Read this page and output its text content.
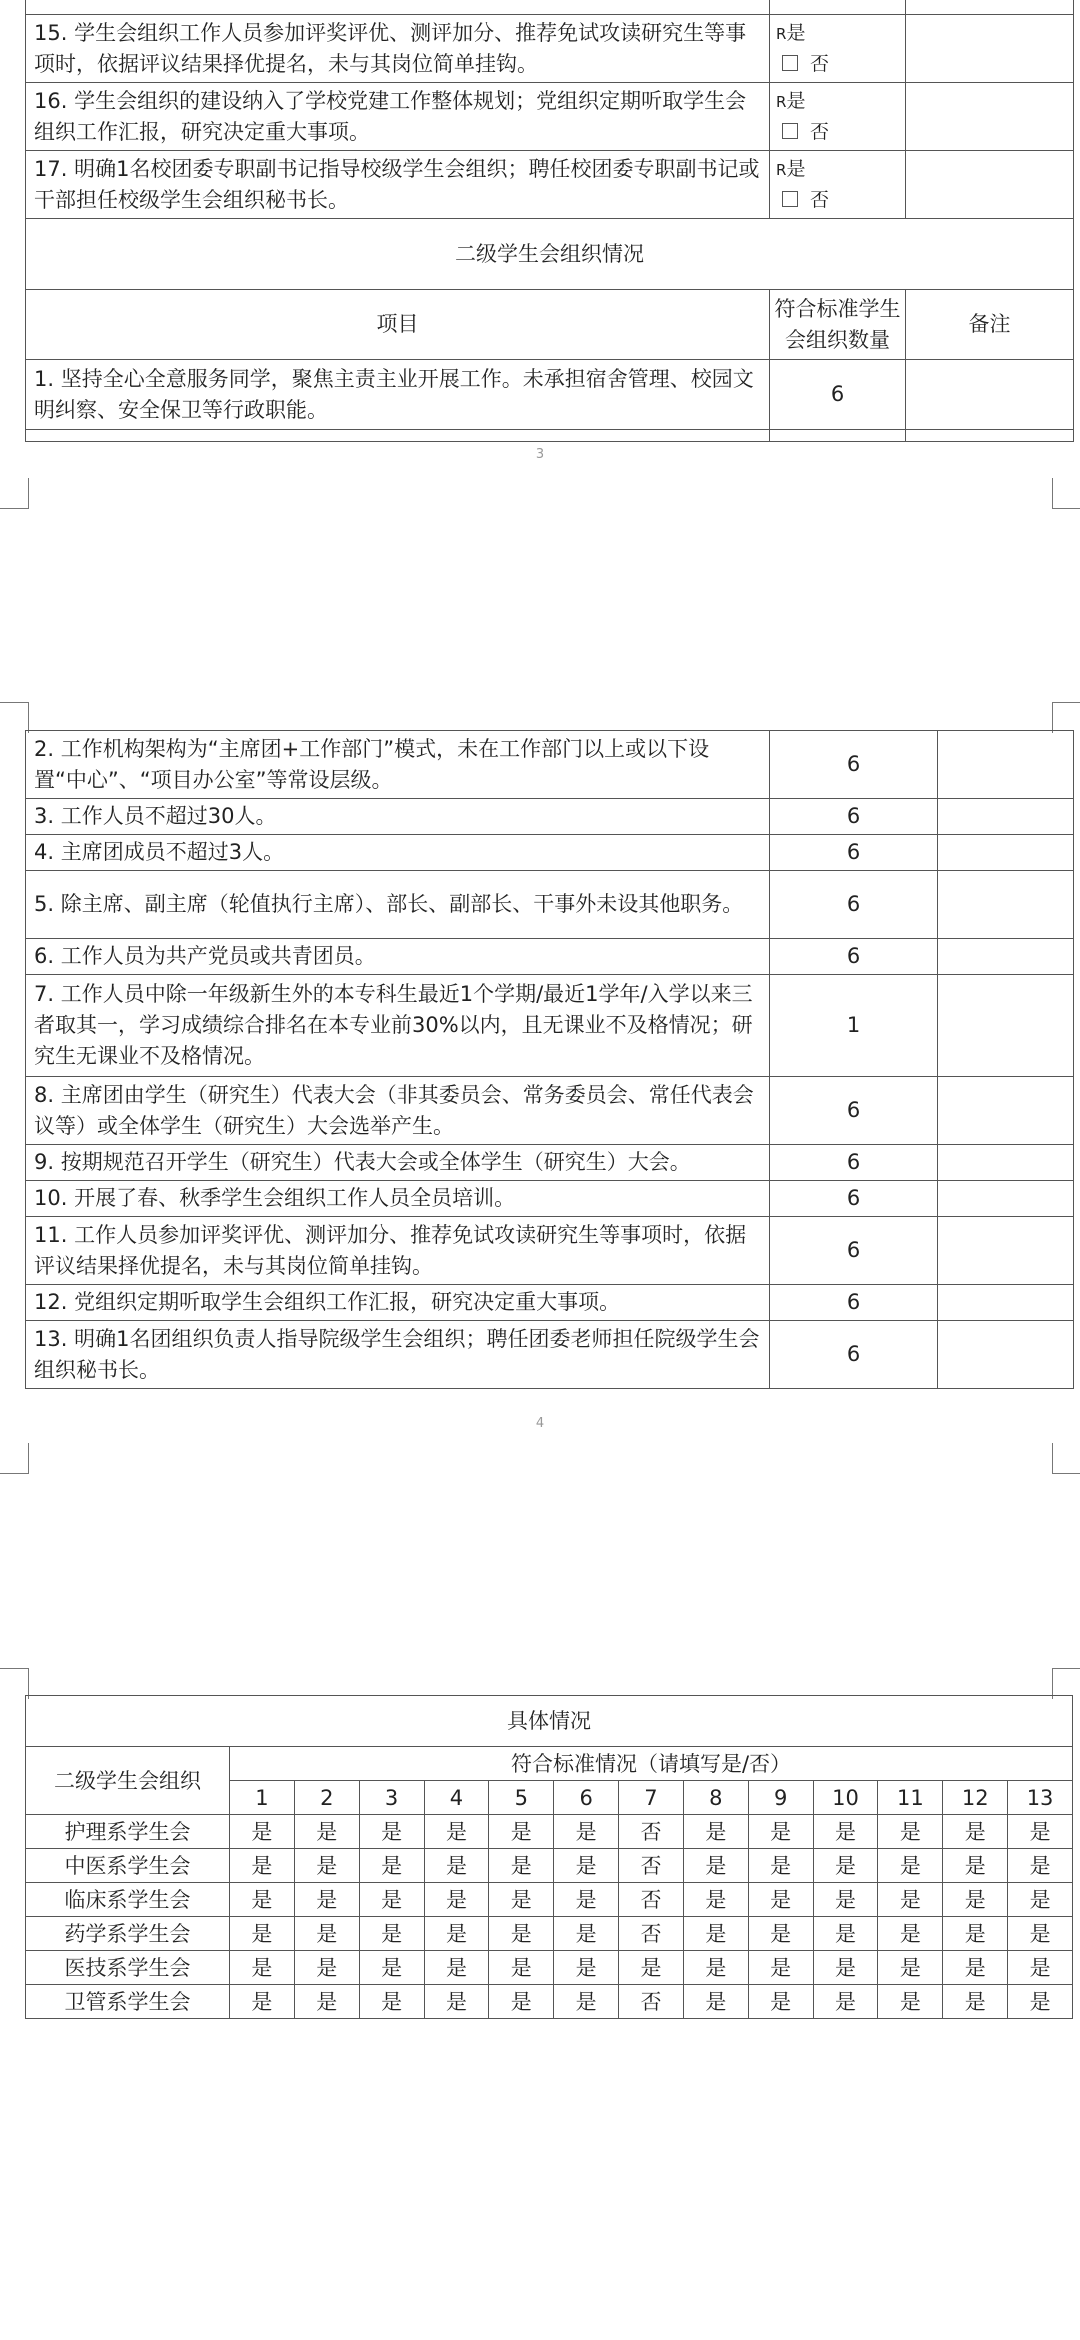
15. 学生会组织工作人员参加评奖评优、测评加分、推荐免试攻读研究生等事项时，依据评议结果择优提名，未与其岗位简单挂钩。	R是
否	

16. 学生会组织的建设纳入了学校党建工作整体规划；党组织定期听取学生会组织工作汇报，研究决定重大事项。	R是
否	

17. 明确1名校团委专职副书记指导校级学生会组织；聘任校团委专职副书记或干部担任校级学生会组织秘书长。	R是
否	

二级学生会组织情况		
项目	符合标准学生会组织数量	备注
1. 坚持全心全意服务同学，聚焦主责主业开展工作。未承担宿舍管理、校园文明纠察、安全保卫等行政职能。	6	

3
2. 工作机构架构为“主席团+工作部门”模式，未在工作部门以上或以下设置“中心”、“项目办公室”等常设层级。	6	
3. 工作人员不超过30人。	6	
4. 主席团成员不超过3人。	6	
5. 除主席、副主席（轮值执行主席）、部长、副部长、干事外未设其他职务。	6	
6. 工作人员为共产党员或共青团员。	6	
7. 工作人员中除一年级新生外的本专科生最近1个学期/最近1学年/入学以来三者取其一，学习成绩综合排名在本专业前30%以内，且无课业不及格情况；研究生无课业不及格情况。	1	
8. 主席团由学生（研究生）代表大会（非其委员会、常务委员会、常任代表会议等）或全体学生（研究生）大会选举产生。	6	
9. 按期规范召开学生（研究生）代表大会或全体学生（研究生）大会。	6	
10. 开展了春、秋季学生会组织工作人员全员培训。	6	
11. 工作人员参加评奖评优、测评加分、推荐免试攻读研究生等事项时，依据评议结果择优提名，未与其岗位简单挂钩。	6	
12. 党组织定期听取学生会组织工作汇报，研究决定重大事项。	6	
13. 明确1名团组织负责人指导院级学生会组织；聘任团委老师担任院级学生会组织秘书长。	6	
4
具体情况													
二级学生会组织	符合标准情况（请填写是/否）												
	1	2	3	4	5	6	7	8	9	10	11	12	13
护理系学生会	是	是	是	是	是	是	否	是	是	是	是	是	是
中医系学生会	是	是	是	是	是	是	否	是	是	是	是	是	是
临床系学生会	是	是	是	是	是	是	否	是	是	是	是	是	是
药学系学生会	是	是	是	是	是	是	否	是	是	是	是	是	是
医技系学生会	是	是	是	是	是	是	是	是	是	是	是	是	是
卫管系学生会	是	是	是	是	是	是	否	是	是	是	是	是	是
